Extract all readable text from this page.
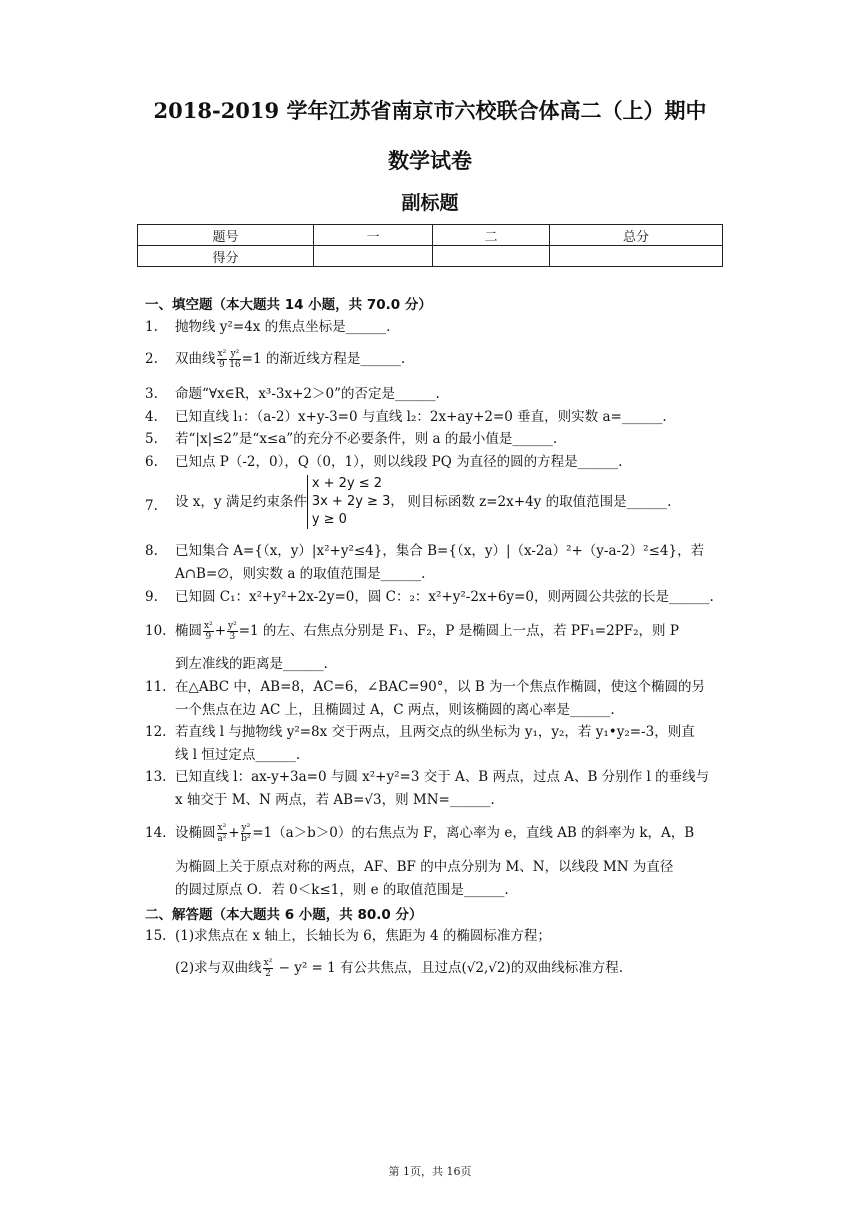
2018-2019 学年江苏省南京市六校联合体高二（上）期中
数学试卷
副标题
题号	一	二	总分
得分			
一、填空题（本大题共 14 小题，共 70.0 分）
1. 抛物线 y²=4x 的焦点坐标是______.
2. 双曲线 $\frac{\text{x²}}{9} \frac{\text{y²}}{16} =1$ 的渐近线方程是______.
3. 命题“∀x∈R，x³-3x+2＞0”的否定是______.
4. 已知直线 l₁：（a-2）x+y-3=0 与直线 l₂：2x+ay+2=0 垂直，则实数 a=______.
5. 若“|x|≤2”是“x≤a”的充分不必要条件，则 a 的最小值是______.
6. 已知点 P（-2，0），Q（0，1），则以线段 PQ 为直径的圆的方程是______.
7. 设 x，y 满足约束条件
x + 2y ≤ 2
3x + 2y ≥ 3，
y ≥ 0
则目标函数 z=2x+4y 的取值范围是______.
8. 已知集合 A={（x，y）|x²+y²≤4}，集合 B={（x，y）|（x-2a）²+（y-a-2）²≤4}，若
A∩B=∅，则实数 a 的取值范围是______.
9. 已知圆 C₁：x²+y²+2x-2y=0，圆 C：₂：x²+y²-2x+6y=0，则两圆公共弦的长是______.
10. 椭圆 $\frac{\text{x²}}{9} + \frac{\text{y²}}{3} =1$ 的左、右焦点分别是 F₁、F₂，P 是椭圆上一点，若 PF₁=2PF₂，则 P
到左准线的距离是______.
11. 在△ABC 中，AB=8，AC=6，∠BAC=90°，以 B 为一个焦点作椭圆，使这个椭圆的另
一个焦点在边 AC 上，且椭圆过 A，C 两点，则该椭圆的离心率是______.
12. 若直线 l 与抛物线 y²=8x 交于两点，且两交点的纵坐标为 y₁，y₂，若 y₁•y₂=-3，则直
线 l 恒过定点______.
13. 已知直线 l：ax-y+3a=0 与圆 x²+y²=3 交于 A、B 两点，过点 A、B 分别作 l 的垂线与
x 轴交于 M、N 两点，若 AB=√3，则 MN=______.
14. 设椭圆 $\frac{\text{x²}}{\text{a²}} + \frac{\text{y²}}{\text{b²}} =1(a>b>0)$的右焦点为 F，离心率为 e，直线 AB 的斜率为 k，A，B
为椭圆上关于原点对称的两点，AF、BF 的中点分别为 M、N，以线段 MN 为直径
的圆过原点 O．若 0＜k≤1，则 e 的取值范围是______.
二、解答题（本大题共 6 小题，共 80.0 分）
15. (1)求焦点在 x 轴上，长轴长为 6，焦距为 4 的椭圆标准方程；
(2)求与双曲线 $\frac{\text{x²}}{2} - y^2 = 1$ 有公共焦点，且过点(√2,√2)的双曲线标准方程.
第 1页，共 16页
